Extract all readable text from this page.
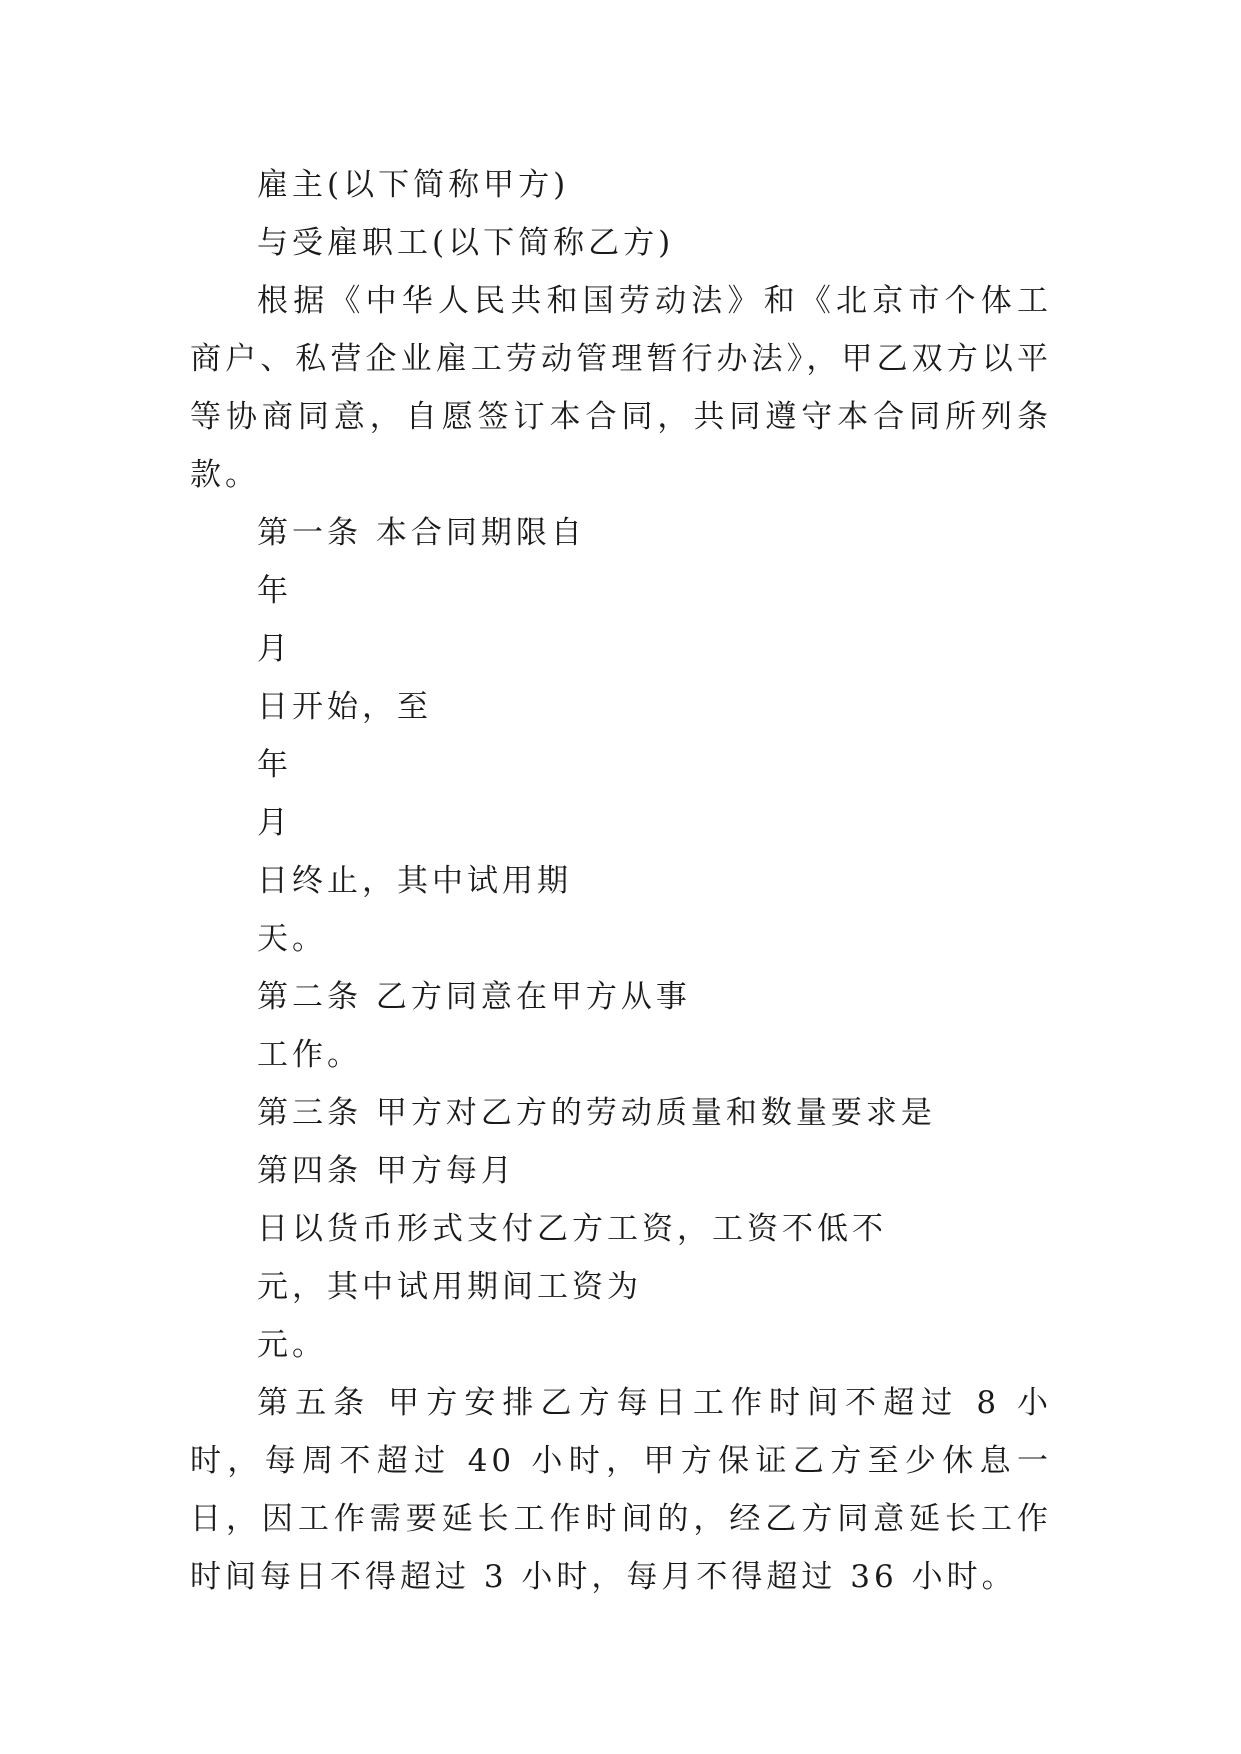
雇主(以下简称甲方)

与受雇职工(以下简称乙方)

根据《中华人民共和国劳动法》和《北京市个体工商户、私营企业雇工劳动管理暂行办法》，甲乙双方以平等协商同意，自愿签订本合同，共同遵守本合同所列条款。

第一条 本合同期限自

年

月

日开始，至

年

月

日终止，其中试用期

天。

第二条 乙方同意在甲方从事

工作。

第三条 甲方对乙方的劳动质量和数量要求是

第四条 甲方每月

日以货币形式支付乙方工资，工资不低不

元，其中试用期间工资为

元。

第五条 甲方安排乙方每日工作时间不超过 8 小时，每周不超过 40 小时，甲方保证乙方至少休息一日，因工作需要延长工作时间的，经乙方同意延长工作时间每日不得超过 3 小时，每月不得超过 36 小时。
